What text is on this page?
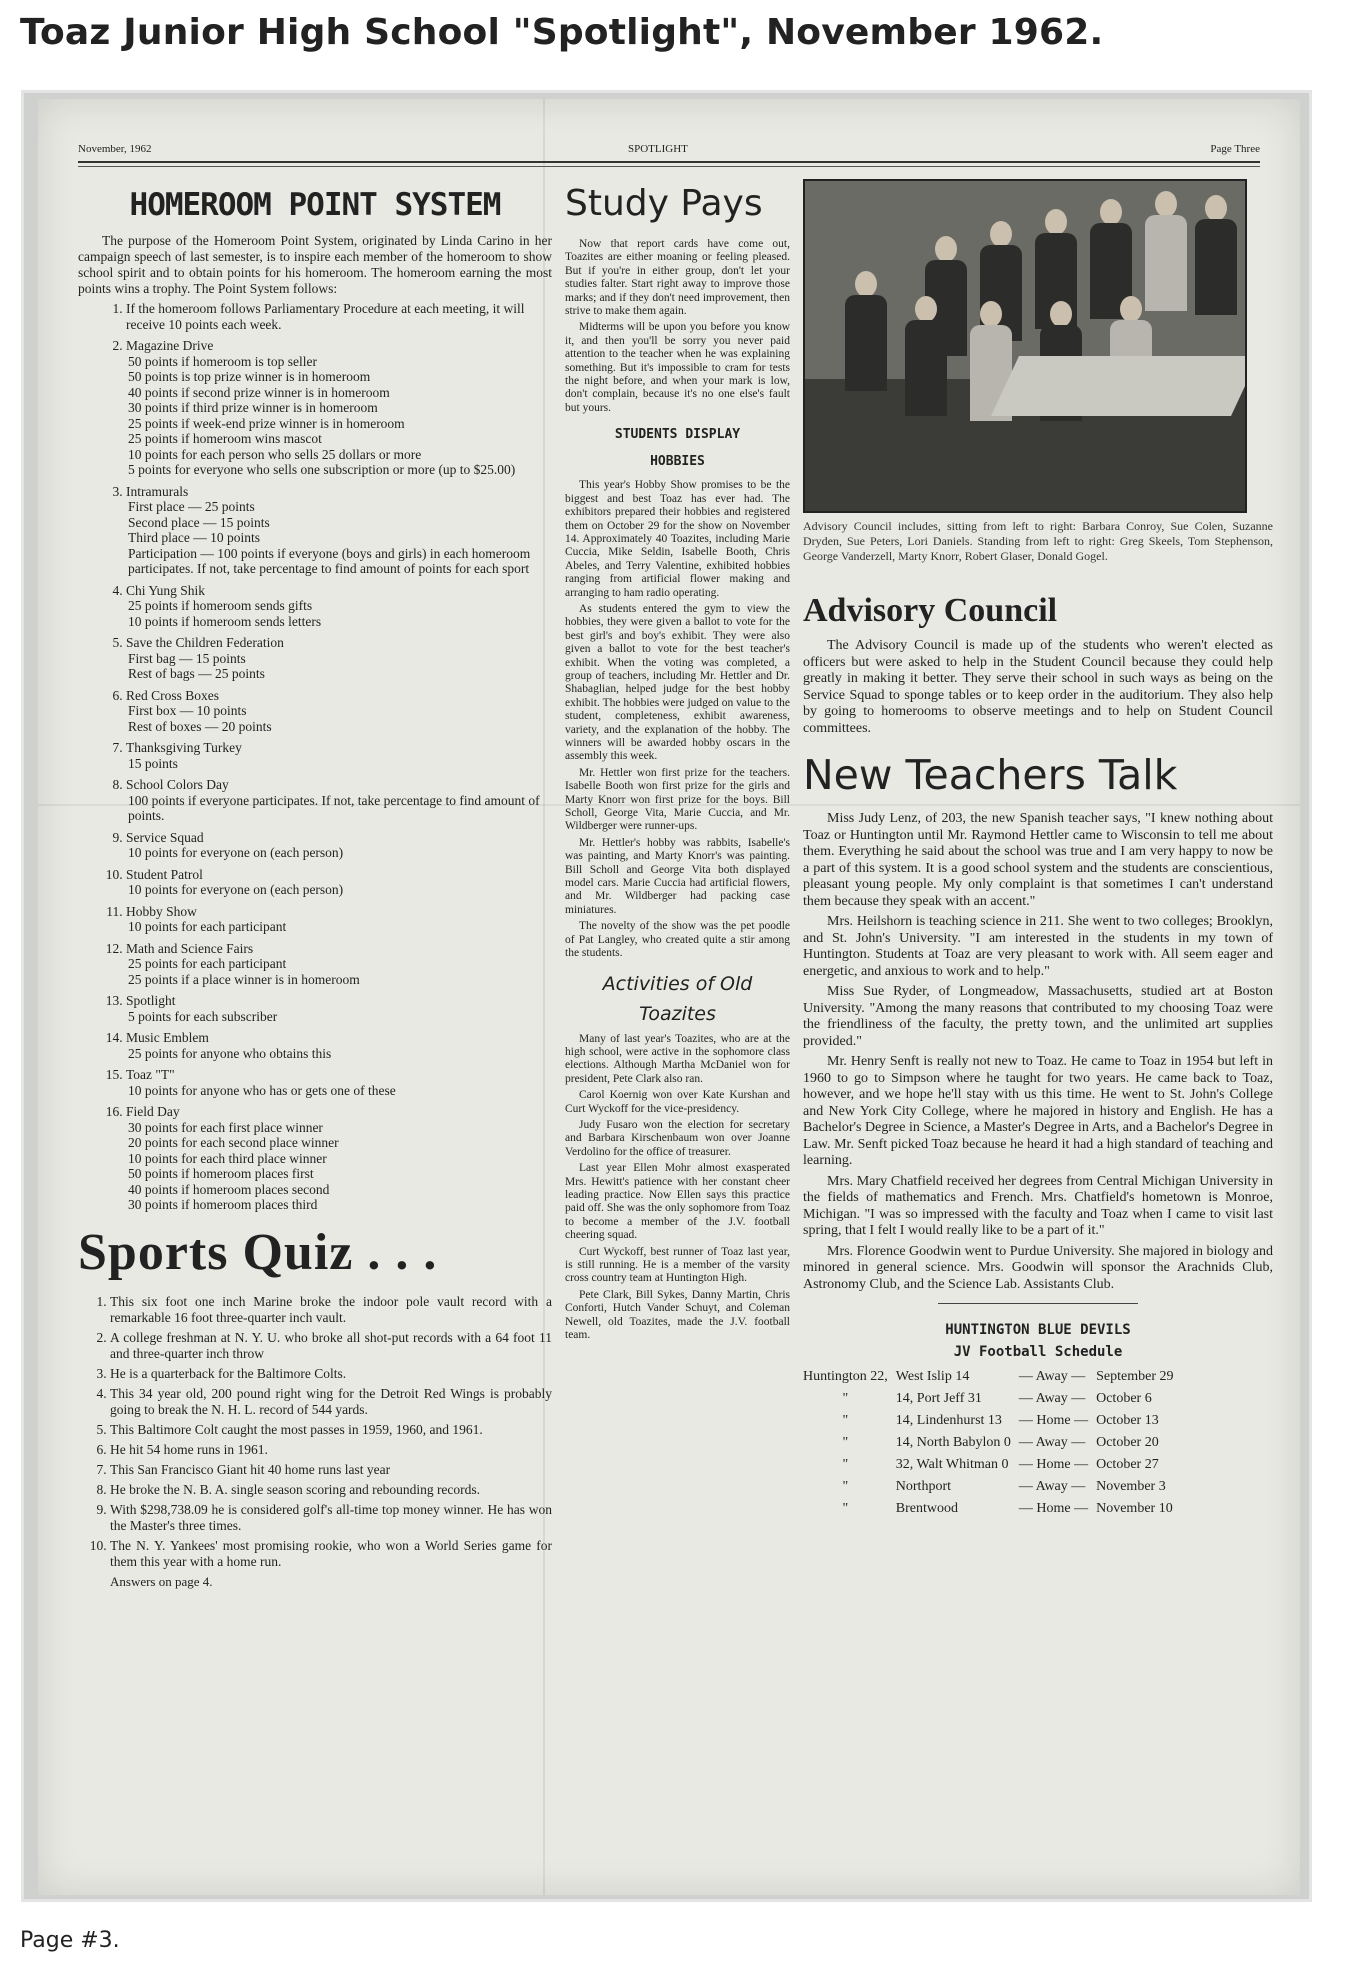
Toaz Junior High School "Spotlight", November 1962.
November, 1962	SPOTLIGHT	Page Three
HOMEROOM POINT SYSTEM

The purpose of the Homeroom Point System, originated by Linda Carino in her campaign speech of last semester, is to inspire each member of the homeroom to show school spirit and to obtain points for his homeroom. The homeroom earning the most points wins a trophy. The Point System follows:

1. If the homeroom follows Parliamentary Procedure at each meeting, it will receive 10 points each week.
2. Magazine Drive
50 points if homeroom is top seller
50 points is top prize winner is in homeroom
40 points if second prize winner is in homeroom
30 points if third prize winner is in homeroom
25 points if week-end prize winner is in homeroom
25 points if homeroom wins mascot
10 points for each person who sells 25 dollars or more
5 points for everyone who sells one subscription or more (up to $25.00)
3. Intramurals
First place — 25 points
Second place — 15 points
Third place — 10 points
Participation — 100 points if everyone (boys and girls) in each homeroom participates. If not, take percentage to find amount of points for each sport
4. Chi Yung Shik
25 points if homeroom sends gifts
10 points if homeroom sends letters
5. Save the Children Federation
First bag — 15 points
Rest of bags — 25 points
6. Red Cross Boxes
First box — 10 points
Rest of boxes — 20 points
7. Thanksgiving Turkey
15 points
8. School Colors Day
100 points if everyone participates. If not, take percentage to find amount of points.
9. Service Squad
10 points for everyone on (each person)
10. Student Patrol
10 points for everyone on (each person)
11. Hobby Show
10 points for each participant
12. Math and Science Fairs
25 points for each participant
25 points if a place winner is in homeroom
13. Spotlight
5 points for each subscriber
14. Music Emblem
25 points for anyone who obtains this
15. Toaz "T"
10 points for anyone who has or gets one of these
16. Field Day
30 points for each first place winner
20 points for each second place winner
10 points for each third place winner
50 points if homeroom places first
40 points if homeroom places second
30 points if homeroom places third
Sports Quiz . . .
1. This six foot one inch Marine broke the indoor pole vault record with a remarkable 16 foot three-quarter inch vault.
2. A college freshman at N. Y. U. who broke all shot-put records with a 64 foot 11 and three-quarter inch throw
3. He is a quarterback for the Baltimore Colts.
4. This 34 year old, 200 pound right wing for the Detroit Red Wings is probably going to break the N. H. L. record of 544 yards.
5. This Baltimore Colt caught the most passes in 1959, 1960, and 1961.
6. He hit 54 home runs in 1961.
7. This San Francisco Giant hit 40 home runs last year
8. He broke the N. B. A. single season scoring and rebounding records.
9. With $298,738.09 he is considered golf's all-time top money winner. He has won the Master's three times.
10. The N. Y. Yankees' most promising rookie, who won a World Series game for them this year with a home run.
Answers on page 4.
Study Pays

Now that report cards have come out, Toazites are either moaning or feeling pleased. But if you're in either group, don't let your studies falter. Start right away to improve those marks; and if they don't need improvement, then strive to make them again.

Midterms will be upon you before you know it, and then you'll be sorry you never paid attention to the teacher when he was explaining something. But it's impossible to cram for tests the night before, and when your mark is low, don't complain, because it's no one else's fault but yours.

STUDENTS DISPLAY
HOBBIES

This year's Hobby Show promises to be the biggest and best Toaz has ever had. The exhibitors prepared their hobbies and registered them on October 29 for the show on November 14. Approximately 40 Toazites, including Marie Cuccia, Mike Seldin, Isabelle Booth, Chris Abeles, and Terry Valentine, exhibited hobbies ranging from artificial flower making and arranging to ham radio operating.

As students entered the gym to view the hobbies, they were given a ballot to vote for the best girl's and boy's exhibit. They were also given a ballot to vote for the best teacher's exhibit. When the voting was completed, a group of teachers, including Mr. Hettler and Dr. Shabaglian, helped judge for the best hobby exhibit. The hobbies were judged on value to the student, completeness, exhibit awareness, variety, and the explanation of the hobby. The winners will be awarded hobby oscars in the assembly this week.

Mr. Hettler won first prize for the teachers. Isabelle Booth won first prize for the girls and Marty Knorr won first prize for the boys. Bill Scholl, George Vita, Marie Cuccia, and Mr. Wildberger were runner-ups.

Mr. Hettler's hobby was rabbits, Isabelle's was painting, and Marty Knorr's was painting. Bill Scholl and George Vita both displayed model cars. Marie Cuccia had artificial flowers, and Mr. Wildberger had packing case miniatures.

The novelty of the show was the pet poodle of Pat Langley, who created quite a stir among the students.

Activities of Old
Toazites

Many of last year's Toazites, who are at the high school, were active in the sophomore class elections. Although Martha McDaniel won for president, Pete Clark also ran.

Carol Koernig won over Kate Kurshan and Curt Wyckoff for the vice-presidency.

Judy Fusaro won the election for secretary and Barbara Kirschenbaum won over Joanne Verdolino for the office of treasurer.

Last year Ellen Mohr almost exasperated Mrs. Hewitt's patience with her constant cheer leading practice. Now Ellen says this practice paid off. She was the only sophomore from Toaz to become a member of the J.V. football cheering squad.

Curt Wyckoff, best runner of Toaz last year, is still running. He is a member of the varsity cross country team at Huntington High.

Pete Clark, Bill Sykes, Danny Martin, Chris Conforti, Hutch Vander Schuyt, and Coleman Newell, old Toazites, made the J.V. football team.

Advisory Council includes, sitting from left to right: Barbara Conroy, Sue Colen, Suzanne Dryden, Sue Peters, Lori Daniels. Standing from left to right: Greg Skeels, Tom Stephenson, George Vanderzell, Marty Knorr, Robert Glaser, Donald Gogel.

Advisory Council

The Advisory Council is made up of the students who weren't elected as officers but were asked to help in the Student Council because they could help greatly in making it better. They serve their school in such ways as being on the Service Squad to sponge tables or to keep order in the auditorium. They also help by going to homerooms to observe meetings and to help on Student Council committees.

New Teachers Talk

Miss Judy Lenz, of 203, the new Spanish teacher says, "I knew nothing about Toaz or Huntington until Mr. Raymond Hettler came to Wisconsin to tell me about them. Everything he said about the school was true and I am very happy to now be a part of this system. It is a good school system and the students are conscientious, pleasant young people. My only complaint is that sometimes I can't understand them because they speak with an accent."

Mrs. Heilshorn is teaching science in 211. She went to two colleges; Brooklyn, and St. John's University. "I am interested in the students in my town of Huntington. Students at Toaz are very pleasant to work with. All seem eager and energetic, and anxious to work and to help."

Miss Sue Ryder, of Longmeadow, Massachusetts, studied art at Boston University. "Among the many reasons that contributed to my choosing Toaz were the friendliness of the faculty, the pretty town, and the unlimited art supplies provided."

Mr. Henry Senft is really not new to Toaz. He came to Toaz in 1954 but left in 1960 to go to Simpson where he taught for two years. He came back to Toaz, however, and we hope he'll stay with us this time. He went to St. John's College and New York City College, where he majored in history and English. He has a Bachelor's Degree in Science, a Master's Degree in Arts, and a Bachelor's Degree in Law. Mr. Senft picked Toaz because he heard it had a high standard of teaching and learning.

Mrs. Mary Chatfield received her degrees from Central Michigan University in the fields of mathematics and French. Mrs. Chatfield's hometown is Monroe, Michigan. "I was so impressed with the faculty and Toaz when I came to visit last spring, that I felt I would really like to be a part of it."

Mrs. Florence Goodwin went to Purdue University. She majored in biology and minored in general science. Mrs. Goodwin will sponsor the Arachnids Club, Astronomy Club, and the Science Lab. Assistants Club.

HUNTINGTON BLUE DEVILS
JV Football Schedule
Huntington 22,	West Islip 14	— Away —	September 29
"	14, Port Jeff 31	— Away —	October 6
"	14, Lindenhurst 13	— Home —	October 13
"	14, North Babylon 0	— Away —	October 20
"	32, Walt Whitman 0	— Home —	October 27
"	Northport	— Away —	November 3
"	Brentwood	— Home —	November 10
Page #3.
